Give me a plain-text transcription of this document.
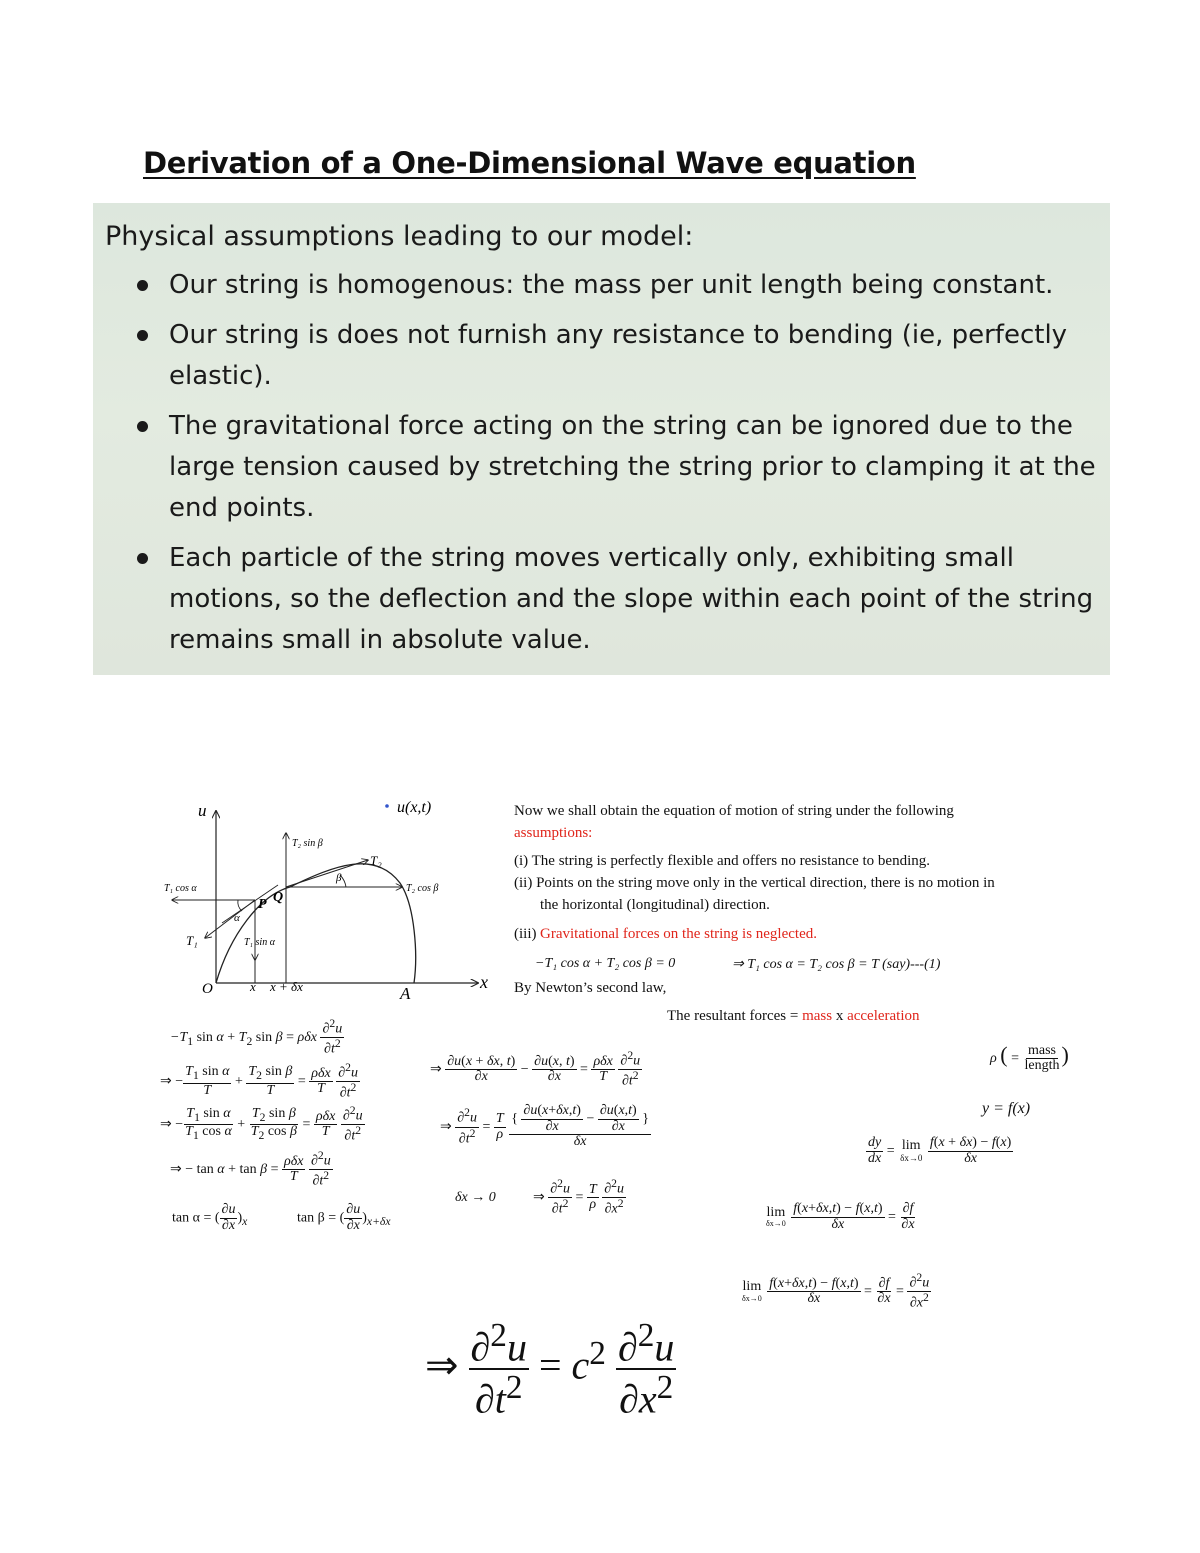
Derivation of a One-Dimensional Wave equation
Physical assumptions leading to our model:
Our string is homogenous: the mass per unit length being constant.
Our string is does not furnish any resistance to bending (ie, perfectly elastic).
The gravitational force acting on the string can be ignored due to the large tension caused by stretching the string prior to clamping it at the end points.
Each particle of the string moves vertically only, exhibiting small motions, so the deflection and the slope within each point of the string remains small in absolute value.
u	u(x,t)
x
O	A
P Q
x x + δx
T₁
T₂
T₁ cos α
T₁ sin α
T₂ cos β
T₂ sin β
α
β
Now we shall obtain the equation of motion of string under the following
assumptions:
(i) The string is perfectly flexible and offers no resistance to bending.
(ii) Points on the string move only in the vertical direction, there is no motion in
the horizontal (longitudinal) direction.
(iii) Gravitational forces on the string is neglected.
−T₁ cos α + T₂ cos β = 0	⇒ T₁ cos α = T₂ cos β = T (say)---(1)
By Newton’s second law,
The resultant forces = mass x acceleration
$-T_1$ $\sin \alpha + T_2$ sin β = ρδx $\frac{\partial^2u}{\partial t^2}$
⇒ − $\frac{T_1 \sin \alpha}{T} + \frac{T_2 \sin \beta}{T} = \frac{\text{ρδx}}{T}$
$\frac{\partial^2u}{\partial t^2}$
⇒ − $\frac{T_1 \sin \alpha}{T_1 \cos \alpha} + \frac{T_2 \sin \beta}{T_2 \cos \beta} = \frac{\text{ρδx}}{T}$
$\frac{\partial^2u}{\partial t^2}$
⇒ − $\tan \alpha + \tan \beta = \frac{\text{ρδx}}{T}$
$\frac{\partial^2u}{\partial t^2}$
tan α = ( $\frac{\partial u}{\partial x} )_x$	tan β = ( $\frac{\partial u}{\partial x} )_{x+\delta x}$
⇒ $\frac{\partial u(x + \delta x, t)}{\partial x} - \frac{\partial u(x, t)}{\partial x} = \frac{\text{ρδx}}{T}$
$\frac{\partial^2u}{\partial t^2}$
⇒ $\frac{\partial^2u}{\partial t^2} = \frac{T}{\rho}$
$\frac{\{ \frac{\partial u(x+\delta x,t)}{\partial x} - \frac{\partial u(x,t)}{\partial x} \}}{\delta x}$
δx → 0	⇒ $\frac{\partial^2u}{\partial t^2} = \frac{T}{\rho}$
$\frac{\partial^2u}{\partial x^2}$
ρ ( = $\frac{\text{mass}}{\text{length}}$ )
y = f(x)
$\frac{dy}{dx} = \lim$
δx→0
$\frac{f(x + \delta x) - f(x)}{\delta x}$
lim
δx→0
$\frac{f(x+\delta x,t) - f(x,t)}{\delta x} = \frac{\partial f}{\partial x}$
lim
δx→0
$\frac{f(x+\delta x,t) - f(x,t)}{\delta x} = \frac{\partial f}{\partial x} = \frac{\partial^2u}{\partial x^2}$
⇒ $\frac{\partial^2u}{\partial t^2} = c^2 \frac{\partial^2u}{\partial x^2}$
